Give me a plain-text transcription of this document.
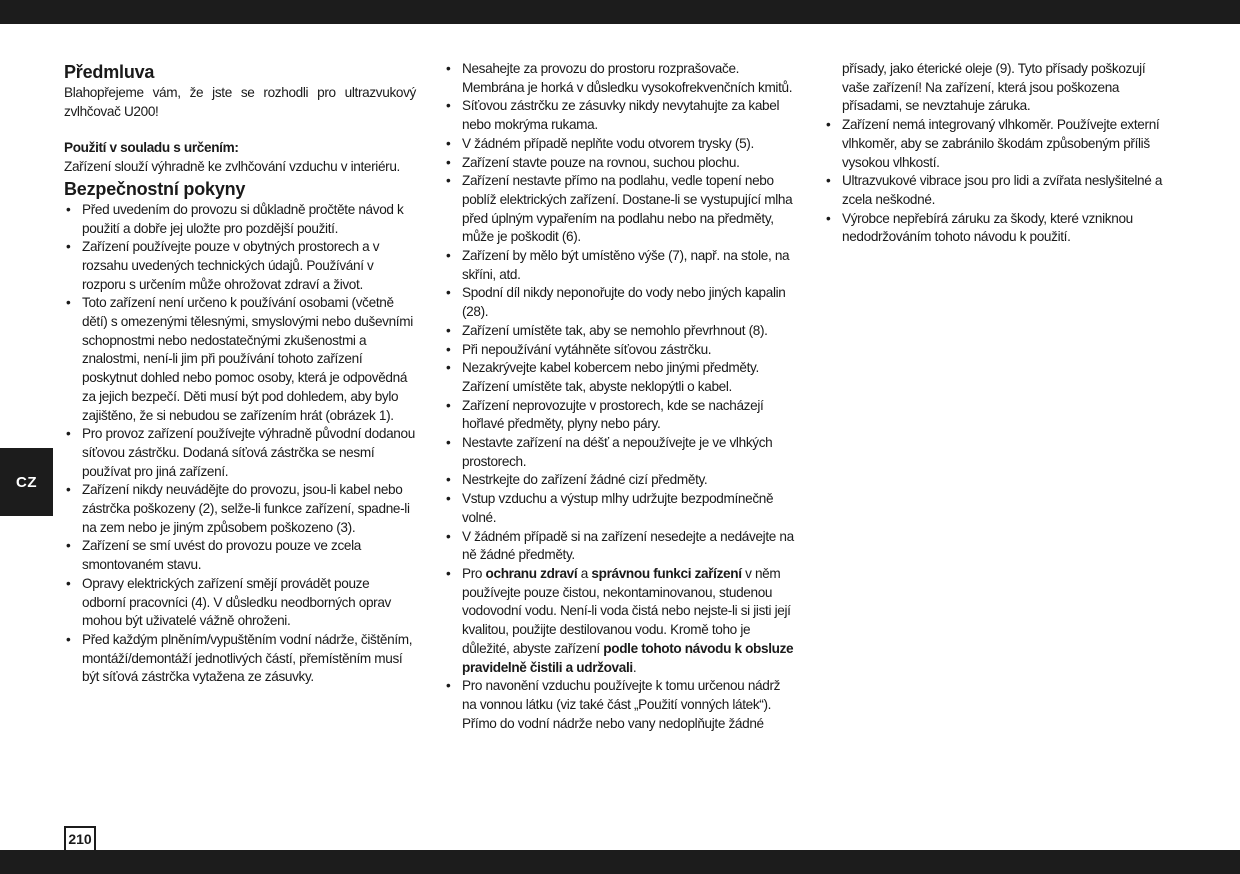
CZ
Předmluva

Blahopřejeme vám, že jste se rozhodli pro ultrazvukový zvlhčovač U200!

Použití v souladu s určením:

Zařízení slouží výhradně ke zvlhčování vzduchu v interiéru.

Bezpečnostní pokyny
• Před uvedením do provozu si důkladně pročtěte návod k použití a dobře jej uložte pro pozdější použití.
• Zařízení používejte pouze v obytných prostorech a v rozsahu uvedených technických údajů. Používání v rozporu s určením může ohrožovat zdraví a život.
• Toto zařízení není určeno k používání osobami (včetně dětí) s omezenými tělesnými, smyslovými nebo duševními schopnostmi nebo nedostatečnými zkušenostmi a znalostmi, není-li jim při používání tohoto zařízení poskytnut dohled nebo pomoc osoby, která je odpovědná za jejich bezpečí. Děti musí být pod dohledem, aby bylo zajištěno, že si nebudou se zařízením hrát (obrázek 1).
• Pro provoz zařízení používejte výhradně původní dodanou síťovou zástrčku. Dodaná síťová zástrčka se nesmí používat pro jiná zařízení.
• Zařízení nikdy neuvádějte do provozu, jsou-li kabel nebo zástrčka poškozeny (2), selže-li funkce zařízení, spadne-li na zem nebo je jiným způsobem poškozeno (3).
• Zařízení se smí uvést do provozu pouze ve zcela smontovaném stavu.
• Opravy elektrických zařízení smějí provádět pouze odborní pracovníci (4). V důsledku neodborných oprav mohou být uživatelé vážně ohroženi.
• Před každým plněním/vypuštěním vodní nádrže, čištěním, montáží/demontáží jednotlivých částí, přemístěním musí být síťová zástrčka vytažena ze zásuvky.
• Nesahejte za provozu do prostoru rozprašovače. Membrána je horká v důsledku vysokofrekvenčních kmitů.
• Síťovou zástrčku ze zásuvky nikdy nevytahujte za kabel nebo mokrýma rukama.
• V žádném případě neplňte vodu otvorem trysky (5).
• Zařízení stavte pouze na rovnou, suchou plochu.
• Zařízení nestavte přímo na podlahu, vedle topení nebo poblíž elektrických zařízení. Dostane-li se vystupující mlha před úplným vypařením na podlahu nebo na předměty, může je poškodit (6).
• Zařízení by mělo být umístěno výše (7), např. na stole, na skříni, atd.
• Spodní díl nikdy neponořujte do vody nebo jiných kapalin (28).
• Zařízení umístěte tak, aby se nemohlo převrhnout (8).
• Při nepoužívání vytáhněte síťovou zástrčku.
• Nezakrývejte kabel kobercem nebo jinými předměty. Zařízení umístěte tak, abyste neklopýtli o kabel.
• Zařízení neprovozujte v prostorech, kde se nacházejí hořlavé předměty, plyny nebo páry.
• Nestavte zařízení na déšť a nepoužívejte je ve vlhkých prostorech.
• Nestrkejte do zařízení žádné cizí předměty.
• Vstup vzduchu a výstup mlhy udržujte bezpodmínečně volné.
• V žádném případě si na zařízení nesedejte a nedávejte na ně žádné předměty.
• Pro ochranu zdraví a správnou funkci zařízení v něm používejte pouze čistou, nekontaminovanou, studenou vodovodní vodu. Není-li voda čistá nebo nejste-li si jisti její kvalitou, použijte destilovanou vodu. Kromě toho je důležité, abyste zařízení podle tohoto návodu k obsluze pravidelně čistili a udržovali.
• Pro navonění vzduchu používejte k tomu určenou nádrž na vonnou látku (viz také část „Použití vonných látek“). Přímo do vodní nádrže nebo vany nedoplňujte žádné
přísady, jako éterické oleje (9). Tyto přísady poškozují vaše zařízení! Na zařízení, která jsou poškozena přísadami, se nevztahuje záruka.
• Zařízení nemá integrovaný vlhkoměr. Používejte externí vlhkoměr, aby se zabránilo škodám způsobeným příliš vysokou vlhkostí.
• Ultrazvukové vibrace jsou pro lidi a zvířata neslyšitelné a zcela neškodné.
• Výrobce nepřebírá záruku za škody, které vzniknou nedodržováním tohoto návodu k použití.
210
